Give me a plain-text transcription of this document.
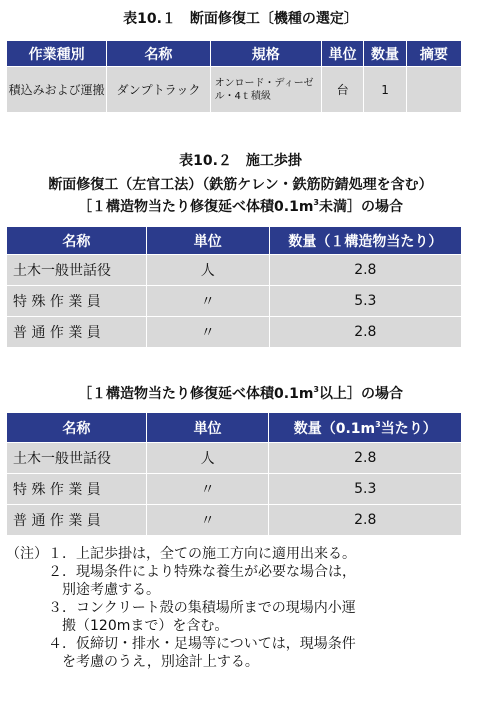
表10.１　断面修復工〔機種の選定〕
作業種別	名称	規格	単位	数量	摘要
積込みおよび運搬	ダンプトラック	オンロード・ディーゼル・4ｔ積級	台	1	
表10.２　施工歩掛
断面修復工（左官工法）（鉄筋ケレン・鉄筋防錆処理を含む）
［１構造物当たり修復延べ体積$0.1m^3$未満］の場合
名称	単位	数量（１構造物当たり）
土木一般世話役	人	2.8
特 殊 作 業 員	〃	5.3
普 通 作 業 員	〃	2.8
［１構造物当たり修復延べ体積$0.1m^3$以上］の場合
名称	単位	数量（$0.1m^3$当たり）
土木一般世話役	人	2.8
特 殊 作 業 員	〃	5.3
普 通 作 業 員	〃	2.8
（注）１．上記歩掛は，全ての施工方向に適用出来る。
　　　２．現場条件により特殊な養生が必要な場合は，
　　　　別途考慮する。
　　　３．コンクリート殻の集積場所までの現場内小運
　　　　搬（120mまで）を含む。
　　　４．仮締切・排水・足場等については，現場条件
　　　　を考慮のうえ，別途計上する。
